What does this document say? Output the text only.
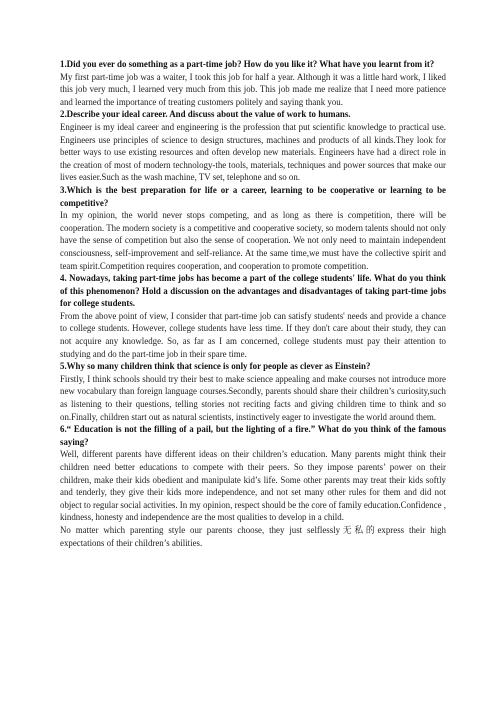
1.Did you ever do something as a part-time job? How do you like it? What have you learnt from it?

My first part-time job was a waiter, I took this job for half a year. Although it was a little hard work, I liked this job very much, I learned very much from this job. This job made me realize that I need more patience and learned the importance of treating customers politely and saying thank you.

2.Describe your ideal career. And discuss about the value of work to humans.

Engineer is my ideal career and engineering is the profession that put scientific knowledge to practical use. Engineers use principles of science to design structures, machines and products of all kinds.They look for better ways to use existing resources and often develop new materials. Engineers have had a direct role in the creation of most of modern technology-the tools, materials, techniques and power sources that make our lives easier.Such as the wash machine, TV set, telephone and so on.

3.Which is the best preparation for life or a career, learning to be cooperative or learning to be competitive?

In my opinion, the world never stops competing, and as long as there is competition, there will be cooperation. The modern society is a competitive and cooperative society, so modern talents should not only have the sense of competition but also the sense of cooperation. We not only need to maintain independent consciousness, self-improvement and self-reliance. At the same time,we must have the collective spirit and team spirit.Competition requires cooperation, and cooperation to promote competition.

4. Nowadays, taking part-time jobs has become a part of the college students' life. What do you think of this phenomenon? Hold a discussion on the advantages and disadvantages of taking part-time jobs for college students.

From the above point of view, I consider that part-time job can satisfy students' needs and provide a chance to college students. However, college students have less time. If they don't care about their study, they can not acquire any knowledge. So, as far as I am concerned, college students must pay their attention to studying and do the part-time job in their spare time.

5.Why so many children think that science is only for people as clever as Einstein?

Firstly, I think schools should try their best to make science appealing and make courses not introduce more new vocabulary than foreign language courses.Secondly, parents should share their children’s curiosity,such as listening to their questions, telling stories not reciting facts and giving children time to think and so on.Finally, children start out as natural scientists, instinctively eager to investigate the world around them.

6.“ Education is not the filling of a pail, but the lighting of a fire.” What do you think of the famous saying?

Well, different parents have different ideas on their children’s education. Many parents might think their children need better educations to compete with their peers. So they impose parents’ power on their children, make their kids obedient and manipulate kid’s life. Some other parents may treat their kids softly and tenderly, they give their kids more independence, and not set many other rules for them and did not object to regular social activities. In my opinion, respect should be the core of family education.Confidence , kindness, honesty and independence are the most qualities to develop in a child.

No matter which parenting style our parents choose, they just selflessly无私的express their high expectations of their children’s abilities.
